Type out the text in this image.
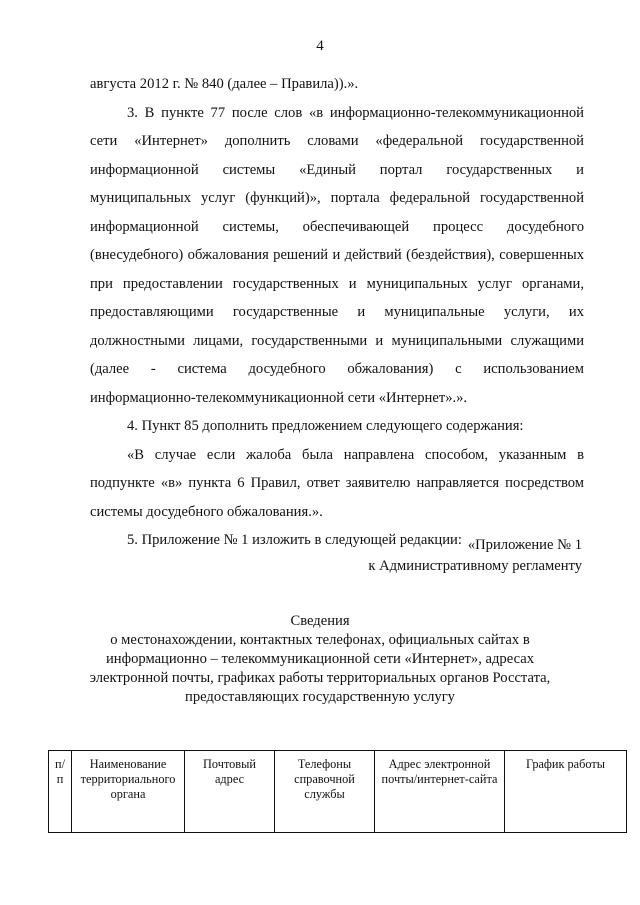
4

августа 2012 г. № 840 (далее – Правила)).».

3. В пункте 77 после слов «в информационно-телекоммуникационной сети «Интернет» дополнить словами «федеральной государственной информационной системы «Единый портал государственных и муниципальных услуг (функций)», портала федеральной государственной информационной системы, обеспечивающей процесс досудебного (внесудебного) обжалования решений и действий (бездействия), совершенных при предоставлении государственных и муниципальных услуг органами, предоставляющими государственные и муниципальные услуги, их должностными лицами, государственными и муниципальными служащими (далее - система досудебного обжалования) с использованием информационно-телекоммуникационной сети «Интернет».».

4. Пункт 85 дополнить предложением следующего содержания:

«В случае если жалоба была направлена способом, указанным в подпункте «в» пункта 6 Правил, ответ заявителю направляется посредством системы досудебного обжалования.».

5. Приложение № 1 изложить в следующей редакции: «Приложение № 1
к Административному регламенту
Сведения
о местонахождении, контактных телефонах, официальных сайтах в
информационно – телекоммуникационной сети «Интернет», адресах
электронной почты, графиках работы территориальных органов Росстата,
предоставляющих государственную услугу
п/ п	Наименование территориального органа	Почтовый адрес	Телефоны справочной службы	Адрес электронной почты/интернет-сайта	График работы
